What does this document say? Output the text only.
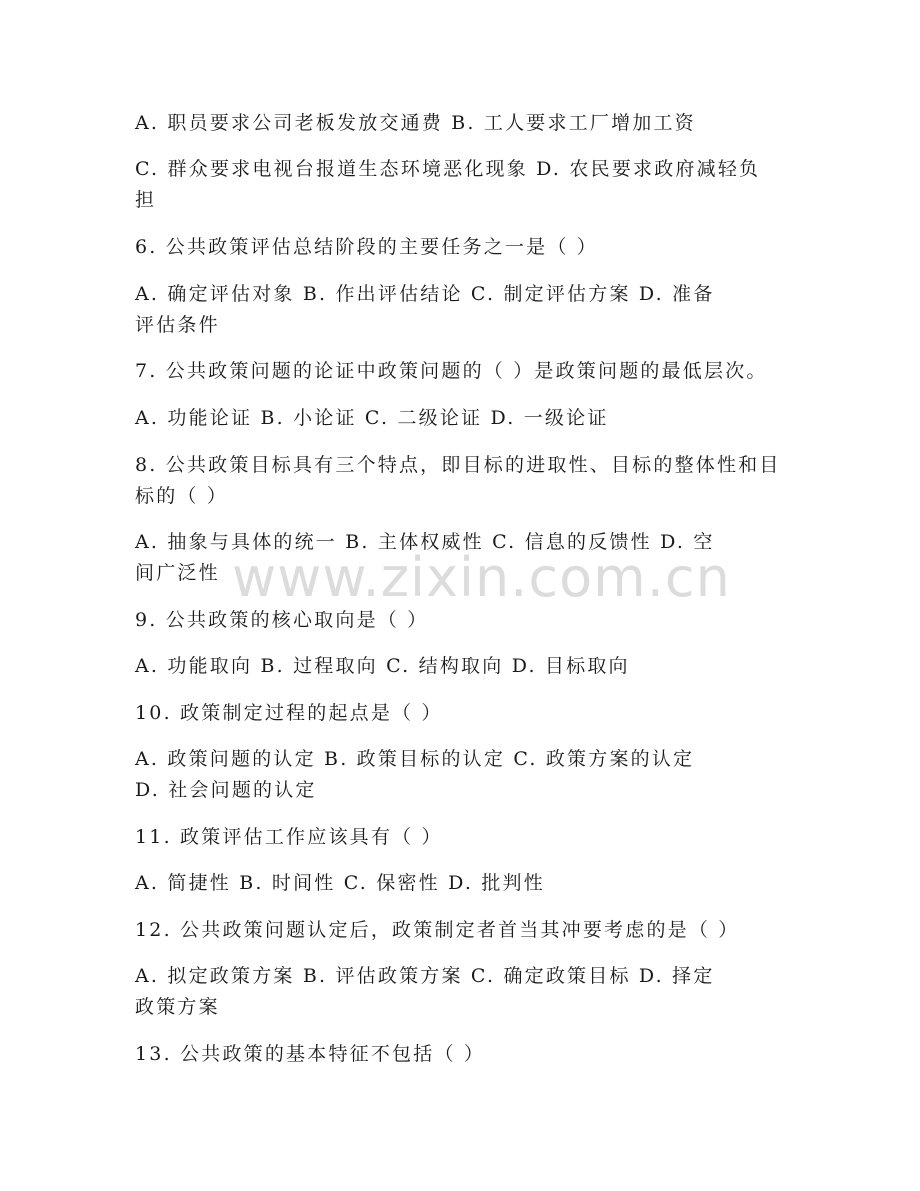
www.zixin.com.cn
A. 职员要求公司老板发放交通费 B. 工人要求工厂增加工资
C. 群众要求电视台报道生态环境恶化现象 D. 农民要求政府减轻负
担
6. 公共政策评估总结阶段的主要任务之一是（ ）
A. 确定评估对象 B. 作出评估结论 C. 制定评估方案 D. 准备
评估条件
7. 公共政策问题的论证中政策问题的（ ）是政策问题的最低层次。
A. 功能论证 B. 小论证 C. 二级论证 D. 一级论证
8. 公共政策目标具有三个特点，即目标的进取性、目标的整体性和目
标的（ ）
A. 抽象与具体的统一 B. 主体权威性 C. 信息的反馈性 D. 空
间广泛性
9. 公共政策的核心取向是（ ）
A. 功能取向 B. 过程取向 C. 结构取向 D. 目标取向
10. 政策制定过程的起点是（ ）
A. 政策问题的认定 B. 政策目标的认定 C. 政策方案的认定
D. 社会问题的认定
11. 政策评估工作应该具有（ ）
A. 简捷性 B. 时间性 C. 保密性 D. 批判性
12. 公共政策问题认定后，政策制定者首当其冲要考虑的是（ ）
A. 拟定政策方案 B. 评估政策方案 C. 确定政策目标 D. 择定
政策方案
13. 公共政策的基本特征不包括（ ）
